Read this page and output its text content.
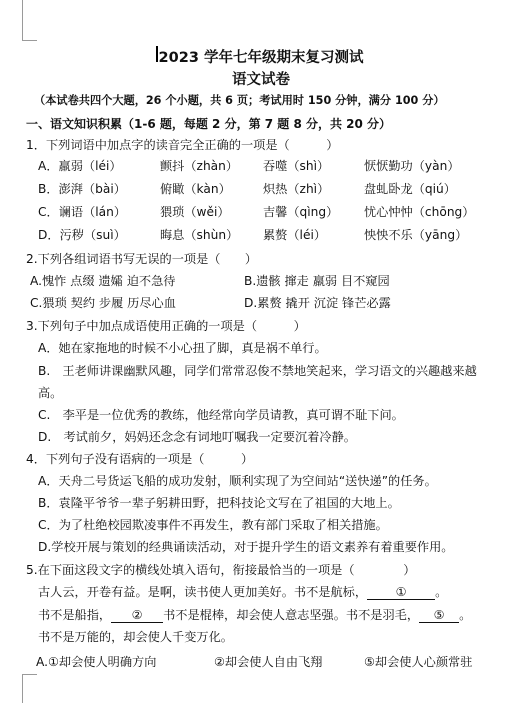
2023 学年七年级期末复习测试
语文试卷
（本试卷共四个大题，26 个小题，共 6 页；考试用时 150 分钟，满分 100 分）
一、语文知识积累（1-6 题，每题 2 分，第 7 题 8 分，共 20 分）
1．下列词语中加点字的读音完全正确的一项是（　　　）
A．羸弱（léi）	颤抖（zhàn） 吞噬（shì）	恹恹勤功（yàn）
B．澎湃（bài）	俯瞰（kàn）	炽热（zhì）	盘虬卧龙（qiú）
C．谰语（lán）	猥琐（wěi）	吉馨（qìng） 忧心忡忡（chōng）
D．污秽（suì）	晦息（shùn） 累赘（léi）	怏怏不乐（yāng）
2.下列各组词语书写无误的一项是（　　）
A.愧怍 点缀 遗孀 迫不急待	B.遗骸 撺走 羸弱 目不窥园
C.猥琐 契约 步履 历尽心血	D.累赘 撬开 沉淀 锋芒必露
3.下列句子中加点成语使用正确的一项是（　　　）
A．她在家拖地的时候不小心扭了脚，真是祸不单行。
B.　王老师讲课幽默风趣，同学们常常忍俊不禁地笑起来，学习语文的兴趣越来越
高。
C.　李平是一位优秀的教练，他经常向学员请教，真可谓不耻下问。
D.　考试前夕，妈妈还念念有词地叮嘱我一定要沉着冷静。
4．下列句子没有语病的一项是（　　　）
A．天舟二号货运飞船的成功发射，顺利实现了为空间站“送快递”的任务。
B．袁隆平爷爷一辈子躬耕田野，把科技论文写在了祖国的大地上。
C．为了杜绝校园欺凌事件不再发生，教有部门采取了相关措施。
D.学校开展与策划的经典诵读活动，对于提升学生的语文素养有着重要作用。
5.在下面这段文字的横线处填入语句，衔接最恰当的一项是（　　　　）
古人云，开卷有益。是啊，读书使人更加美好。书不是航标， ① 。
书不是船指， ② 书不是棍棒，却会使人意志坚强。书不是羽毛， ⑤ 。
书不是万能的，却会使人千变万化。
A.①却会使人明确方向	②却会使人自由飞翔	⑤却会使人心颜常驻
